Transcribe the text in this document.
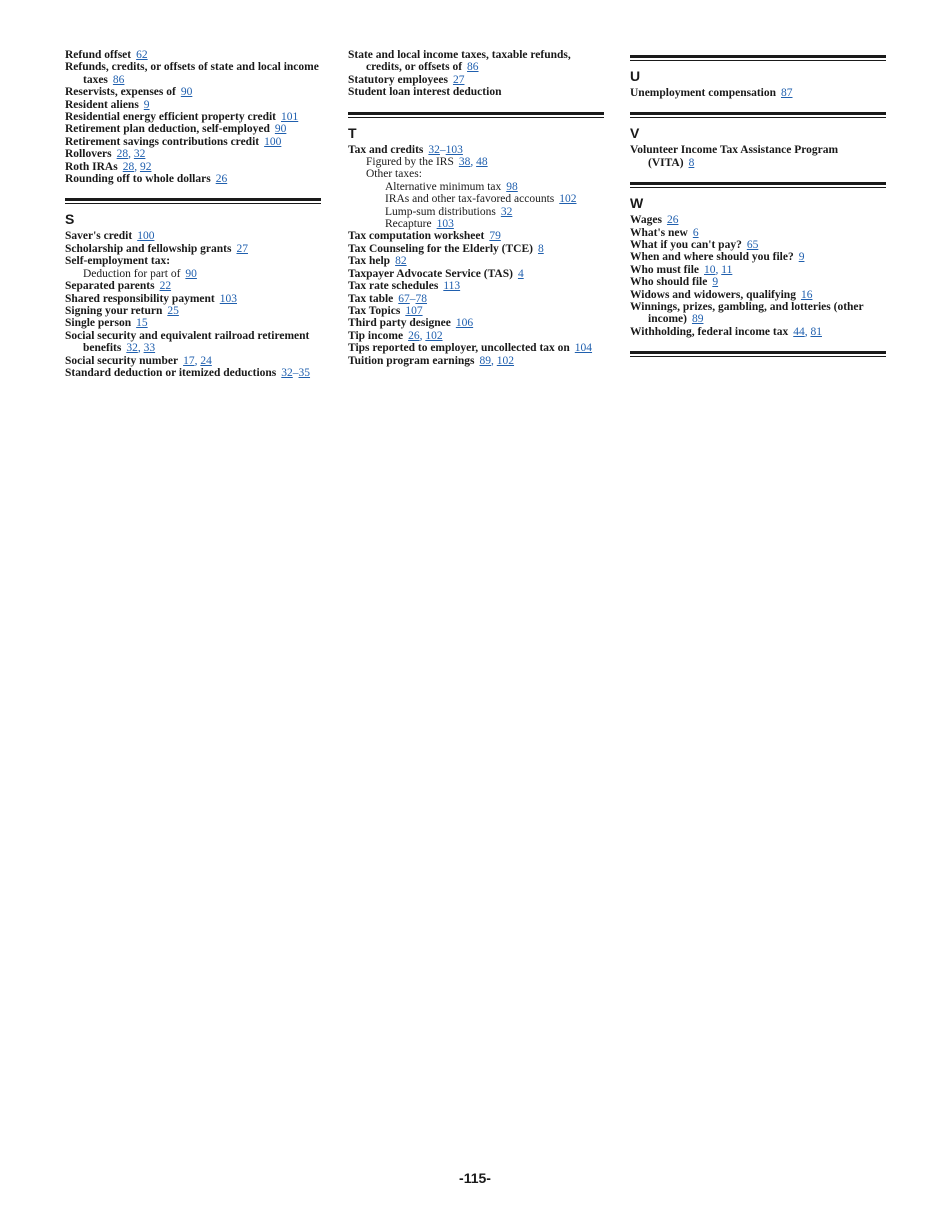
Refund offset 62

Refunds, credits, or offsets of state and local income taxes 86

Reservists, expenses of 90

Resident aliens 9

Residential energy efficient property credit 101

Retirement plan deduction, self-employed 90

Retirement savings contributions credit 100

Rollovers 28, 32

Roth IRAs 28, 92

Rounding off to whole dollars 26

S

Saver's credit 100

Scholarship and fellowship grants 27

Self-employment tax:

Deduction for part of 90

Separated parents 22

Shared responsibility payment 103

Signing your return 25

Single person 15

Social security and equivalent railroad retirement benefits 32, 33

Social security number 17, 24

Standard deduction or itemized deductions 32–35

State and local income taxes, taxable refunds, credits, or offsets of 86

Statutory employees 27

Student loan interest deduction

T

Tax and credits 32–103

Figured by the IRS 38, 48

Other taxes:

Alternative minimum tax 98

IRAs and other tax-favored accounts 102

Lump-sum distributions 32

Recapture 103

Tax computation worksheet 79

Tax Counseling for the Elderly (TCE) 8

Tax help 82

Taxpayer Advocate Service (TAS) 4

Tax rate schedules 113

Tax table 67–78

Tax Topics 107

Third party designee 106

Tip income 26, 102

Tips reported to employer, uncollected tax on 104

Tuition program earnings 89, 102

U

Unemployment compensation 87

V

Volunteer Income Tax Assistance Program (VITA) 8

W

Wages 26

What's new 6

What if you can't pay? 65

When and where should you file? 9

Who must file 10, 11

Who should file 9

Widows and widowers, qualifying 16

Winnings, prizes, gambling, and lotteries (other income) 89

Withholding, federal income tax 44, 81

-115-
